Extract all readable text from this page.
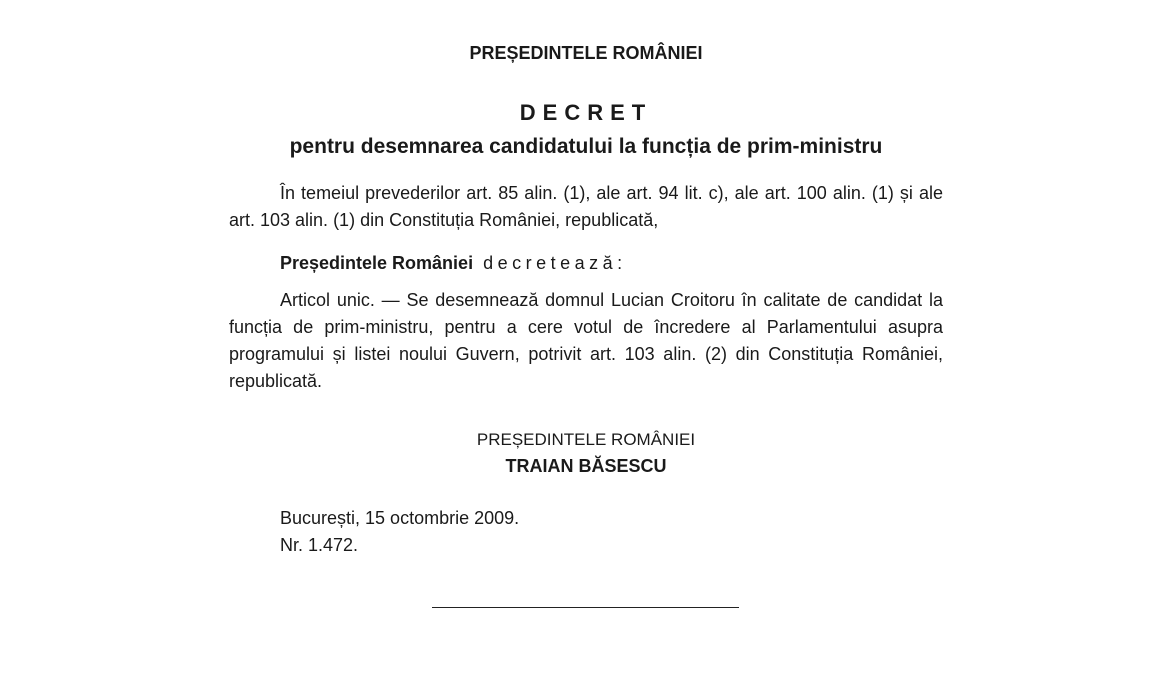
PREȘEDINTELE ROMÂNIEI
DECRET
pentru desemnarea candidatului la funcția de prim-ministru

În temeiul prevederilor art. 85 alin. (1), ale art. 94 lit. c), ale art. 100 alin. (1) și ale art. 103 alin. (1) din Constituția României, republicată,

Președintele României decretează:

Articol unic. — Se desemnează domnul Lucian Croitoru în calitate de candidat la funcția de prim-ministru, pentru a cere votul de încredere al Parlamentului asupra programului și listei noului Guvern, potrivit art. 103 alin. (2) din Constituția României, republicată.

PREȘEDINTELE ROMÂNIEI
TRAIAN BĂSESCU
București, 15 octombrie 2009.
Nr. 1.472.
